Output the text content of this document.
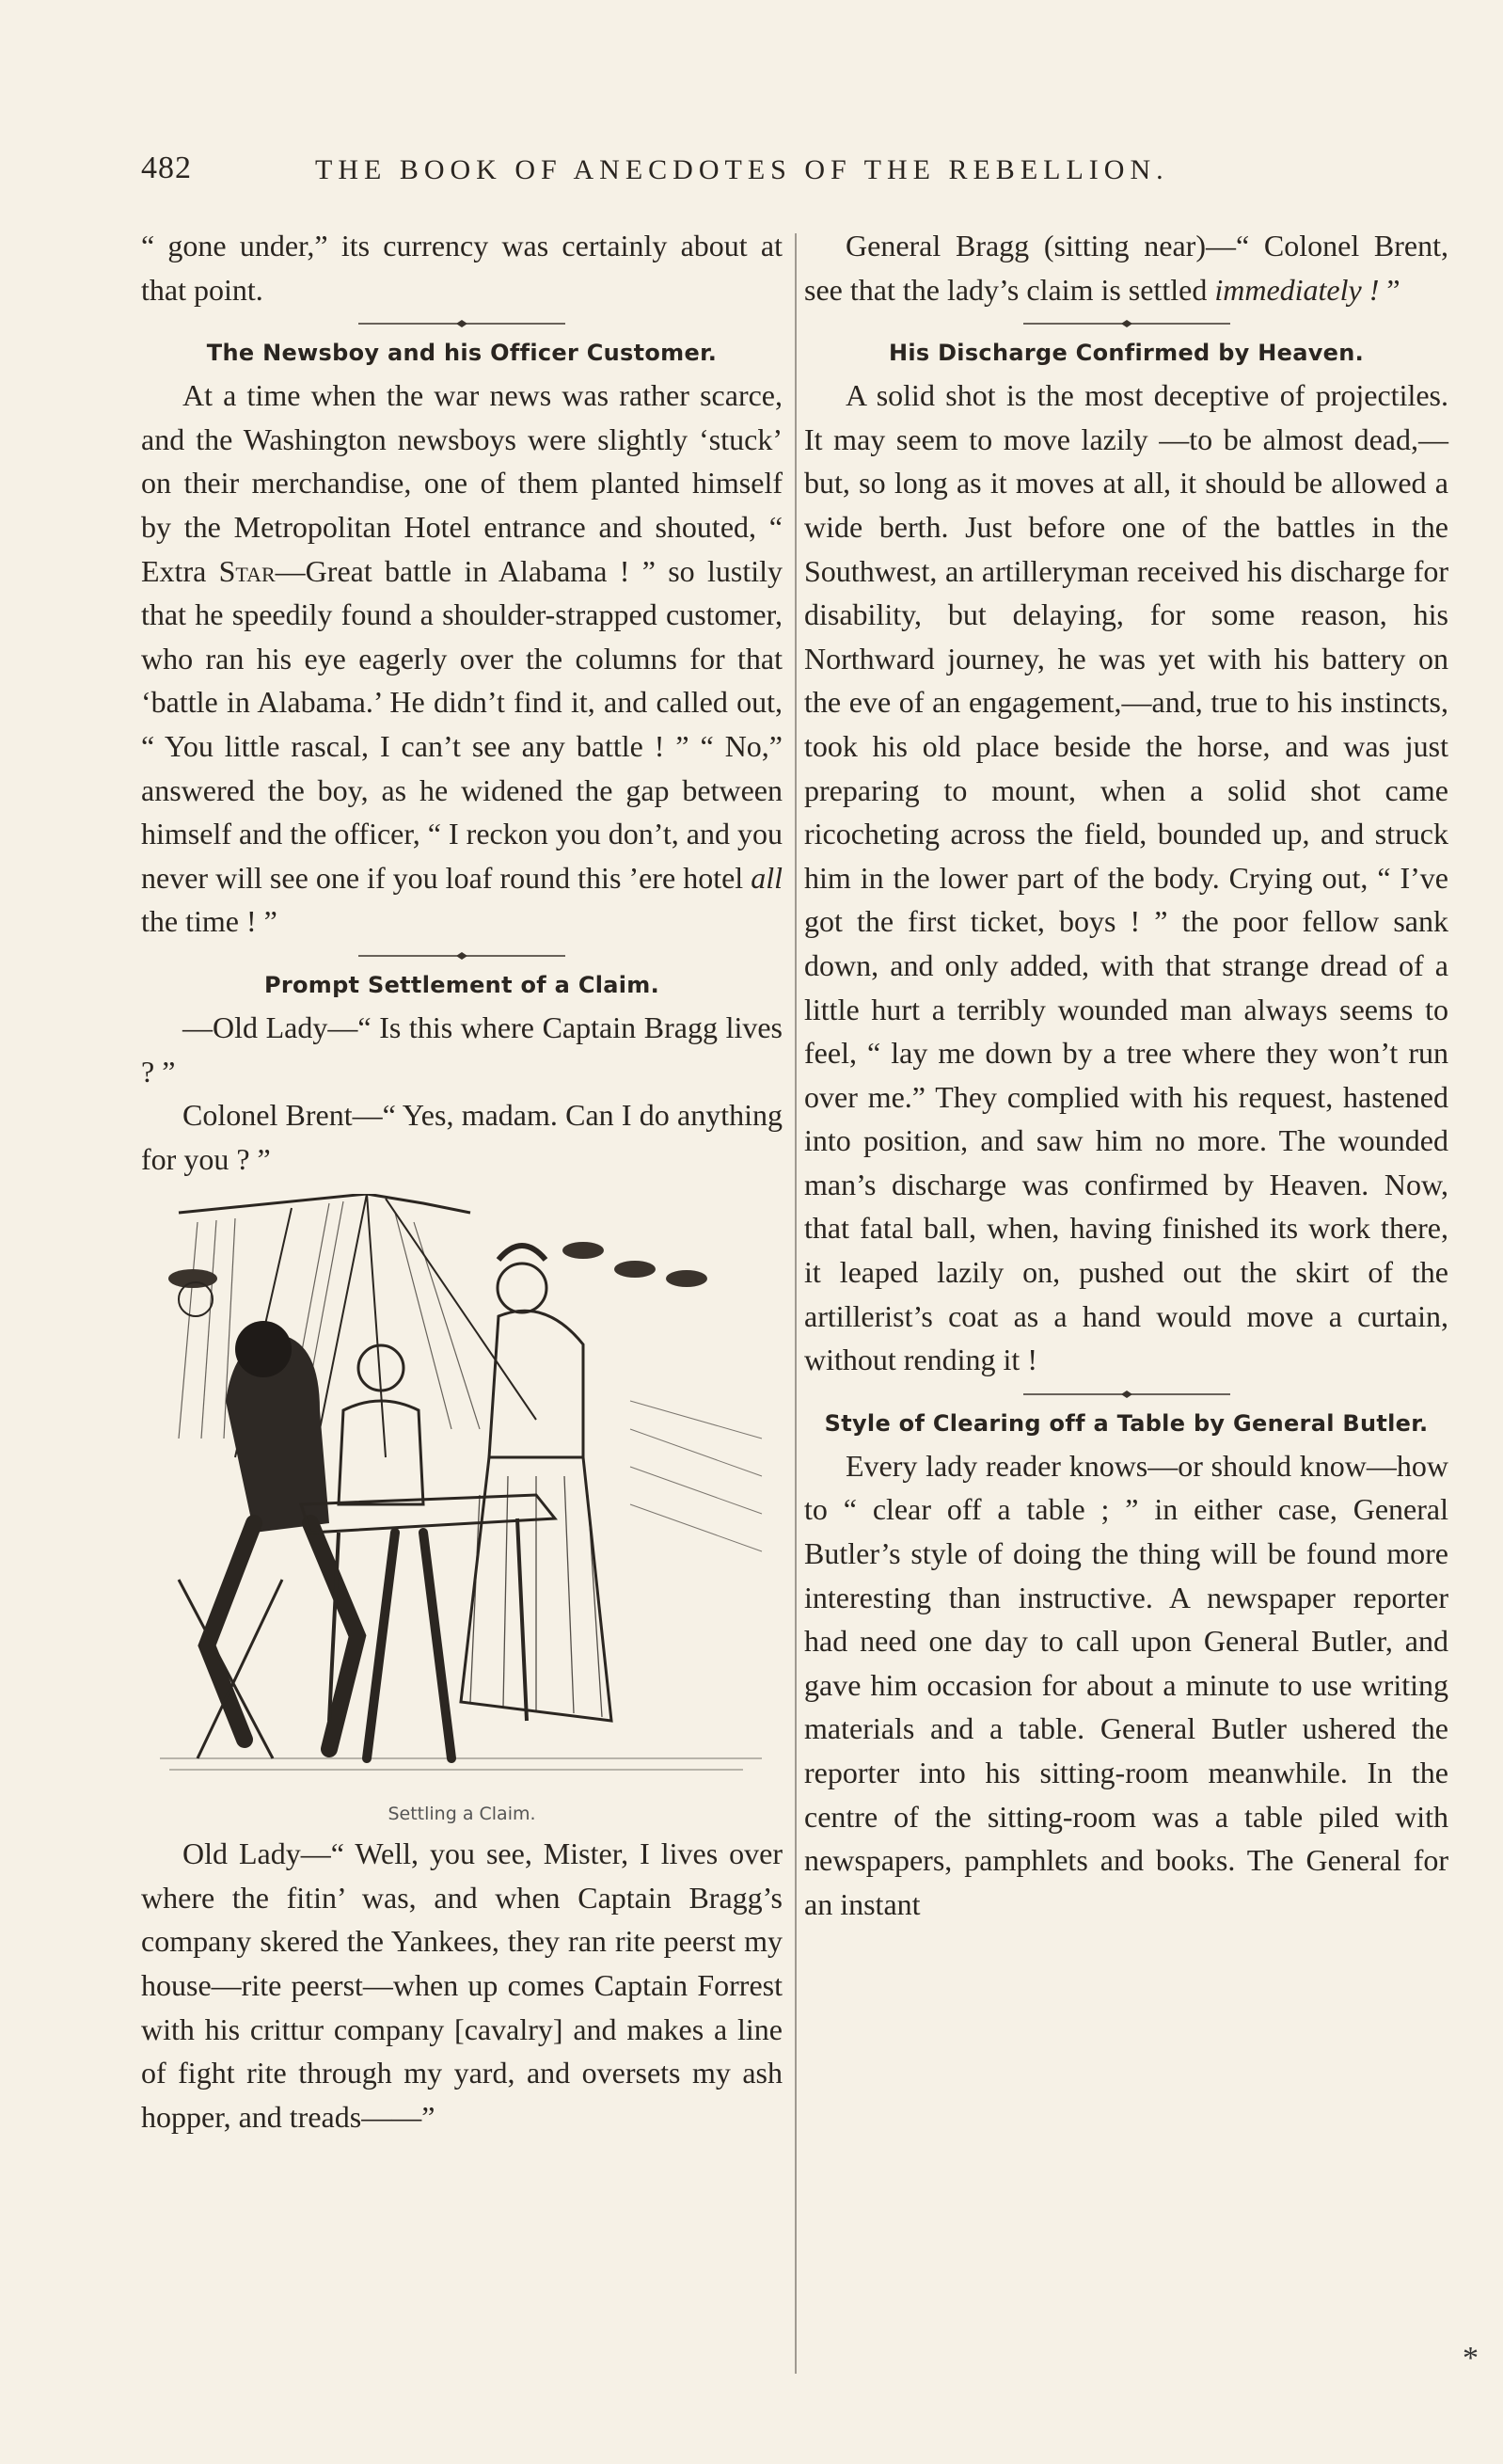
482	THE BOOK OF ANECDOTES OF THE REBELLION.

“ gone under,” its currency was certainly about at that point.

The Newsboy and his Officer Customer.

At a time when the war news was rather scarce, and the Washington newsboys were slightly ‘stuck’ on their merchandise, one of them planted himself by the Metropolitan Hotel entrance and shouted, “ Extra Star—Great battle in Alabama ! ” so lustily that he speedily found a shoulder-strapped customer, who ran his eye eagerly over the columns for that ‘battle in Alabama.’ He didn’t find it, and called out, “ You little rascal, I can’t see any battle ! ” “ No,” answered the boy, as he widened the gap between himself and the officer, “ I reckon you don’t, and you never will see one if you loaf round this ’ere hotel all the time ! ”

Prompt Settlement of a Claim.

—Old Lady—“ Is this where Captain Bragg lives ? ”

Colonel Brent—“ Yes, madam. Can I do anything for you ? ”

Settling a Claim.

Old Lady—“ Well, you see, Mister, I lives over where the fitin’ was, and when Captain Bragg’s company skered the Yankees, they ran rite peerst my house—rite peerst—when up comes Captain Forrest with his crittur company [cavalry] and makes a line of fight rite through my yard, and oversets my ash hopper, and treads——”

General Bragg (sitting near)—“ Colonel Brent, see that the lady’s claim is settled immediately ! ”

His Discharge Confirmed by Heaven.

A solid shot is the most deceptive of projectiles. It may seem to move lazily —to be almost dead,—but, so long as it moves at all, it should be allowed a wide berth. Just before one of the battles in the Southwest, an artilleryman received his discharge for disability, but delaying, for some reason, his Northward journey, he was yet with his battery on the eve of an engagement,—and, true to his instincts, took his old place beside the horse, and was just preparing to mount, when a solid shot came ricocheting across the field, bounded up, and struck him in the lower part of the body. Crying out, “ I’ve got the first ticket, boys ! ” the poor fellow sank down, and only added, with that strange dread of a little hurt a terribly wounded man always seems to feel, “ lay me down by a tree where they won’t run over me.” They complied with his request, hastened into position, and saw him no more. The wounded man’s discharge was confirmed by Heaven. Now, that fatal ball, when, having finished its work there, it leaped lazily on, pushed out the skirt of the artillerist’s coat as a hand would move a curtain, without rending it !

Style of Clearing off a Table by General Butler.

Every lady reader knows—or should know—how to “ clear off a table ; ” in either case, General Butler’s style of doing the thing will be found more interesting than instructive. A newspaper reporter had need one day to call upon General Butler, and gave him occasion for about a minute to use writing materials and a table. General Butler ushered the reporter into his sitting-room meanwhile. In the centre of the sitting-room was a table piled with newspapers, pamphlets and books. The General for an instant

*
